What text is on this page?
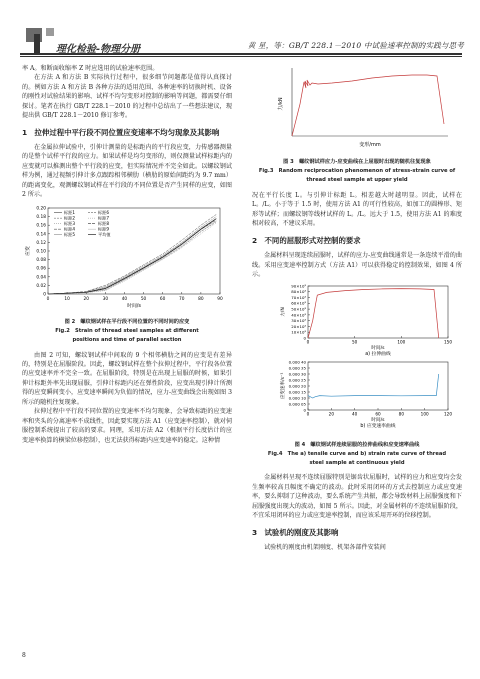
理化检验-物理分册	黄 星，等：GB/T 228.1－2010 中试验速率控制的实践与思考

率 A。和断面收缩率 Z 时应选用的试验速率范围。

在方法 A 和方法 B 实际执行过程中，很多细节问题都是值得认真探讨的。例如方法 A 和方法 B 各种方法的适用范围、各种速率的切换时机、设备的刚性对试验结果的影响、试样不均匀变形对控制的影响等问题，都需要仔细探讨。笔者在执行 GB/T 228.1－2010 的过程中总结出了一些想法建议，现提出供 GB/T 228.1－2010 修订参考。

1　拉伸过程中平行段不同位置应变速率不均匀现象及其影响

在金属拉伸试验中，引伸计测量的是标距内的平行段应变，力传感器测量的是整个试样平行段的应力。如果试样是均匀变形的，则仅测量试样标距内的应变就可以推测出整个平行段的应变，但实际情况并不完全如此。以螺纹钢试样为例，通过视频引伸计多点跟踪相邻横肋（横肋的原始间距约为 9.7 mm）的距离变化，观测螺纹钢试样在平行段的不同位置是否产生同样的应变，如图 2 所示。

0
0.02
0.04
0.06
0.08
0.10
0.12
0.14
0.16
0.18
0.20
0	10	20	30	40	50	60	70	80	90
时间/s
应变
标距1
标距2
标距3
标距4
标距5
标距6
标距7
标距8
标距9
平均值
图 2　螺纹钢试样在平行段不同位置的不同时间的应变
Fig.2　Strain of thread steel samples at different
positions and time of parallel section

由图 2 可知，螺纹钢试样中间取的 9 个相邻横肋之间的应变是有差异的，特别是在屈服阶段。因此，螺纹钢试样在整个拉伸过程中，平行段各位置的应变速率并不完全一致。在屈服阶段，特别是在出现上屈服的时候，如果引伸计标距外率先出现屈服，引伸计标距内还在弹性阶段，应变出现引伸计所测得的应变瞬间变小，应变速率瞬间为负值的情况，应力-应变曲线会出现如图 3 所示的随机往复现象。

拉伸过程中平行段不同位置的应变速率不均匀现象，会导致标距的应变速率和夹头的分离速率不成线性，因此要实现方法 A1（应变速率控制），就对伺服控制系统提出了较高的要求。同理，采用方法 A2（根据平行长度估计的应变速率换算的横梁位移控制），也无法获得标距内应变速率的稳定。这种情

力/kN
变形/mm
图 3　螺纹钢试样应力-应变曲线在上屈服时出现的随机往复现象
Fig.3　Random reciprocation phenomenon of stress-strain curve of
thread steel sample at upper yield

况在平行长度 L。与引伸计标距 L。相差越大时越明显。因此，试样在 L。/L。小于等于 1.5 时，使用方法 A1 的可行性较高，如加工的圆棒形、矩形等试样；而螺纹钢等线材试样的 L。/L。远大于 1.5，使用方法 A1 的难度相对较高，不建议采用。

2　不同的屈服形式对控制的要求

金属材料呈现连续屈服时，试样的应力-应变曲线通常是一条连续平滑的曲线。采用应变速率控制方式（方法 A1）可以获得稳定的控制效果，如图 4 所示。

0
10×10³
20×10³
30×10³
40×10³
50×10³
60×10³
70×10³
80×10³
90×10³
0	50	100	150
时间/s
a) 拉伸曲线
力/N
0
0.000 05
0.000 10
0.000 15
0.000 20
0.000 25
0.000 30
0.000 35
0.000 40
0	20	40	60	80	100	120
时间/s
b) 应变速率曲线
应变速率/s⁻¹
图 4　螺纹钢试样连续屈服的拉伸曲线和应变速率曲线
Fig.4　The a) tensile curve and b) strain rate curve of thread
steel sample at continuous yield

金属材料呈现不连续屈服特别是锯齿状屈服时，试样的应力和应变均会发生频率较高且幅度不确定的波动。此时采用闭环的方式去控制应力或应变速率，要么抑制了这种波动，要么系统产生共振，都会导致材料上屈服强度和下屈服强度出现大的波动，如图 5 所示。因此，对金属材料的不连续屈服阶段，不宜采用闭环的应力或应变速率控制，而应该采用开环的位移控制。

3　试验机的刚度及其影响

试验机的刚度由机架刚度、机架各部件安装间

8
